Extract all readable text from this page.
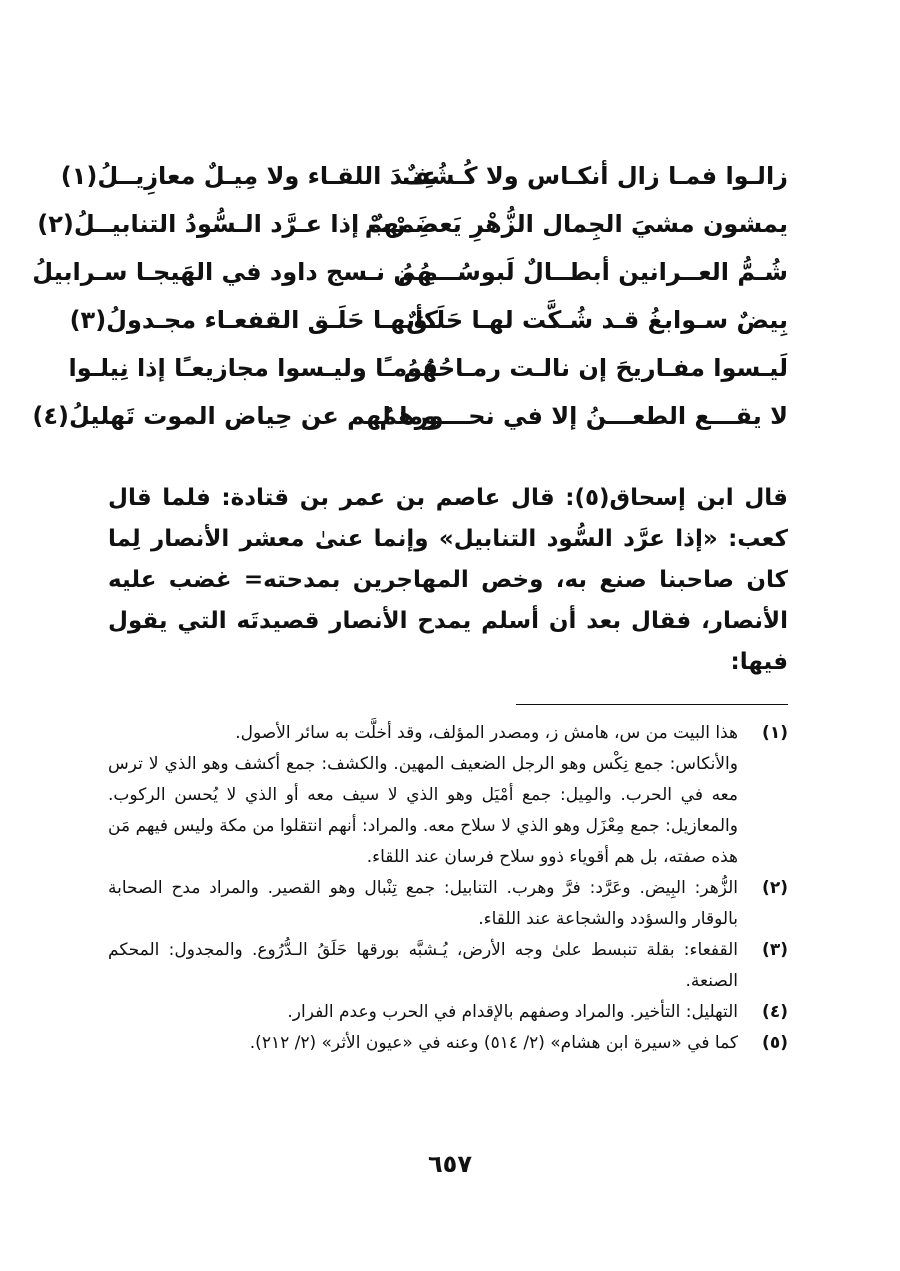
زالـوا فمـا زال أنكـاس ولا كُـشُفٌ
عِنـدَ اللقـاء ولا مِيـلٌ معازِيــلُ(١)
يمشون مشيَ الجِمال الزُّهْرِ يَعصِمهمْ
ضَـرْبٌ إذا عـرَّد الـسُّودُ التنابيــلُ(٢)
شُـمُّ العــرانين أبطــالٌ لَبوسُـــهُمُ
مِـن نـسج داود في الهَيجـا سـرابيلُ
بِيضٌ سـوابغُ قـد شُـكَّت لهـا حَلَـقٌ
كأنهـا حَلَـق القفعـاء مجـدولُ(٣)
لَيـسوا مفـاريحَ إن نالـت رمـاحُهُمُ
قومـًا وليـسوا مجازيعـًا إذا نِيلـوا
لا يقـــع الطعـــنُ إلا في نحـــورهمُ
وما لهم عن حِياض الموت تَهليلُ(٤)

قال ابن إسحاق(٥): قال عاصم بن عمر بن قتادة: فلما قال كعب: «إذا عرَّد السُّود التنابيل» وإنما عنىٰ معشر الأنصار لِما كان صاحبنا صنع به، وخص المهاجرين بمدحته= غضب عليه الأنصار، فقال بعد أن أسلم يمدح الأنصار قصيدتَه التي يقول فيها:

(١)
هذا البيت من س، هامش ز، ومصدر المؤلف، وقد أخلَّت به سائر الأصول.
والأنكاس: جمع نِكْس وهو الرجل الضعيف المهين. والكشف: جمع أكشف وهو الذي لا ترس معه في الحرب. والمِيل: جمع أمْيَل وهو الذي لا سيف معه أو الذي لا يُحسن الركوب. والمعازيل: جمع مِعْزَل وهو الذي لا سلاح معه. والمراد: أنهم انتقلوا من مكة وليس فيهم مَن هذه صفته، بل هم أقوياء ذوو سلاح فرسان عند اللقاء.
(٢)
الزُّهر: البِيض. وعَرَّد: فرَّ وهرب. التنابيل: جمع تِنْبال وهو القصير. والمراد مدح الصحابة بالوقار والسؤدد والشجاعة عند اللقاء.
(٣)
القفعاء: بقلة تنبسط علىٰ وجه الأرض، يُـشبَّه بورقها حَلَقُ الـدُّرُوع. والمجدول: المحكم الصنعة.
(٤)
التهليل: التأخير. والمراد وصفهم بالإقدام في الحرب وعدم الفرار.
(٥)
كما في «سيرة ابن هشام» (٢/ ٥١٤) وعنه في «عيون الأثر» (٢/ ٢١٢).
٦٥٧
